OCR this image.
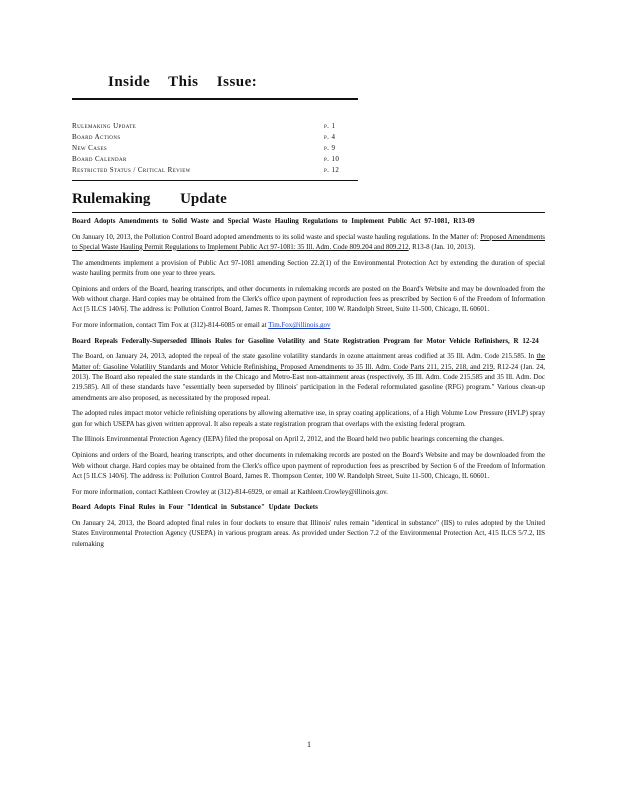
Inside This Issue:
Rulemaking Update	p. 1
Board Actions	p. 4
New Cases	p. 9
Board Calendar	p. 10
Restricted Status / Critical Review	p. 12
Rulemaking Update

Board Adopts Amendments to Solid Waste and Special Waste Hauling Regulations to Implement Public Act 97-1081, R13-09

On January 10, 2013, the Pollution Control Board adopted amendments to its solid waste and special waste hauling regulations. In the Matter of: Proposed Amendments to Special Waste Hauling Permit Regulations to Implement Public Act 97-1081: 35 Ill. Adm. Code 809.204 and 809.212, R13-8 (Jan. 10, 2013).

The amendments implement a provision of Public Act 97-1081 amending Section 22.2(1) of the Environmental Protection Act by extending the duration of special waste hauling permits from one year to three years.

Opinions and orders of the Board, hearing transcripts, and other documents in rulemaking records are posted on the Board's Website and may be downloaded from the Web without charge. Hard copies may be obtained from the Clerk's office upon payment of reproduction fees as prescribed by Section 6 of the Freedom of Information Act [5 ILCS 140/6]. The address is: Pollution Control Board, James R. Thompson Center, 100 W. Randolph Street, Suite 11-500, Chicago, IL 60601.

For more information, contact Tim Fox at (312)-814-6085 or email at Tim.Fox@illinois.gov

Board Repeals Federally-Superseded Illinois Rules for Gasoline Volatility and State Registration Program for Motor Vehicle Refinishers, R 12-24

The Board, on January 24, 2013, adopted the repeal of the state gasoline volatility standards in ozone attainment areas codified at 35 Ill. Adm. Code 215.585. In the Matter of: Gasoline Volatility Standards and Motor Vehicle Refinishing, Proposed Amendments to 35 Ill. Adm. Code Parts 211, 215, 218, and 219, R12-24 (Jan. 24, 2013). The Board also repealed the state standards in the Chicago and Metro-East non-attainment areas (respectively, 35 Ill. Adm. Code 215.585 and 35 Ill. Adm. Doc 219.585). All of these standards have "essentially been superseded by Illinois' participation in the Federal reformulated gasoline (RFG) program." Various clean-up amendments are also proposed, as necessitated by the proposed repeal.

The adopted rules impact motor vehicle refinishing operations by allowing alternative use, in spray coating applications, of a High Volume Low Pressure (HVLP) spray gun for which USEPA has given written approval. It also repeals a state registration program that overlaps with the existing federal program.

The Illinois Environmental Protection Agency (IEPA) filed the proposal on April 2, 2012, and the Board held two public hearings concerning the changes.

Opinions and orders of the Board, hearing transcripts, and other documents in rulemaking records are posted on the Board's Website and may be downloaded from the Web without charge. Hard copies may be obtained from the Clerk's office upon payment of reproduction fees as prescribed by Section 6 of the Freedom of Information Act [5 ILCS 140/6]. The address is: Pollution Control Board, James R. Thompson Center, 100 W. Randolph Street, Suite 11-500, Chicago, IL 60601.

For more information, contact Kathleen Crowley at (312)-814-6929, or email at Kathleen.Crowley@illinois.gov.

Board Adopts Final Rules in Four "Identical in Substance" Update Dockets

On January 24, 2013, the Board adopted final rules in four dockets to ensure that Illinois' rules remain "identical in substance" (IIS) to rules adopted by the United States Environmental Protection Agency (USEPA) in various program areas. As provided under Section 7.2 of the Environmental Protection Act, 415 ILCS 5/7.2, IIS rulemaking

1
